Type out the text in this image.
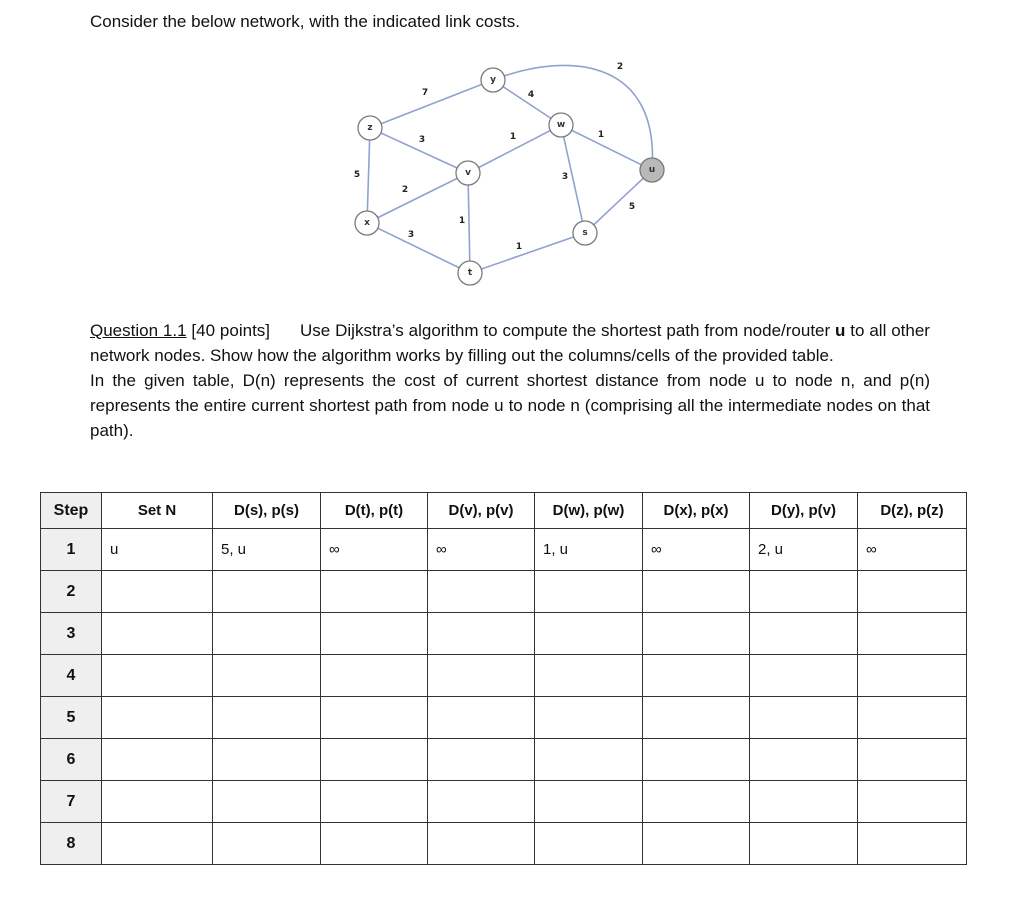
Consider the below network, with the indicated link costs.

7	4
2
3	1	1
5
2
1
3
5
3
1
y
z	w
v	u
x
s
t

Question 1.1 [40 points] Use Dijkstra’s algorithm to compute the shortest path from node/router u to all other network nodes. Show how the algorithm works by filling out the columns/cells of the provided table.

In the given table, D(n) represents the cost of current shortest distance from node u to node n, and p(n) represents the entire current shortest path from node u to node n (comprising all the intermediate nodes on that path).

Step	Set N	D(s), p(s)	D(t), p(t)	D(v), p(v)	D(w), p(w)	D(x), p(x)	D(y), p(v)	D(z), p(z)
1	u	5, u	∞	∞	1, u	∞	2, u	∞
2								
3								
4								
5								
6								
7								
8								
